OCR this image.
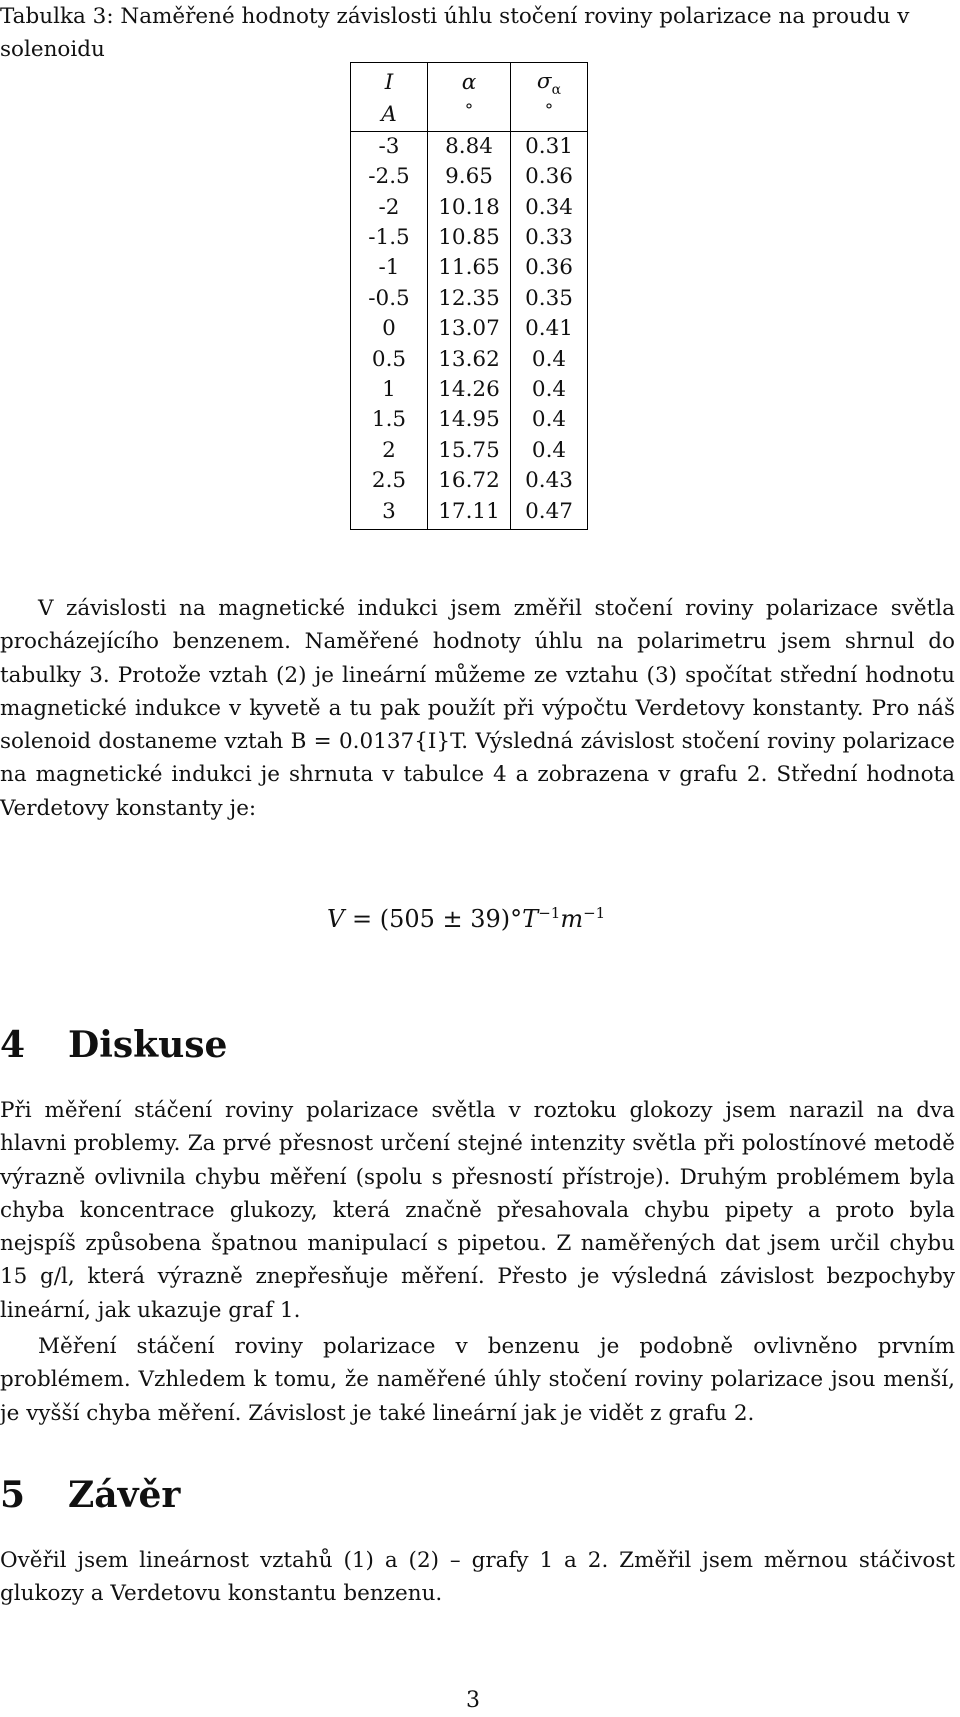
Tabulka 3: Naměřené hodnoty závislosti úhlu stočení roviny polarizace na proudu v solenoidu

I	α	$\sigma_\alpha$
A	°	°
-3	8.84	0.31
-2.5	9.65	0.36
-2	10.18	0.34
-1.5	10.85	0.33
-1	11.65	0.36
-0.5	12.35	0.35
0	13.07	0.41
0.5	13.62	0.4
1	14.26	0.4
1.5	14.95	0.4
2	15.75	0.4
2.5	16.72	0.43
3	17.11	0.47

V závislosti na magnetické indukci jsem změřil stočení roviny polarizace světla procházejícího benzenem. Naměřené hodnoty úhlu na polarimetru jsem shrnul do tabulky 3. Protože vztah (2) je lineární můžeme ze vztahu (3) spočítat střední hodnotu magnetické indukce v kyvetě a tu pak použít při výpočtu Verdetovy konstanty. Pro náš solenoid dostaneme vztah B = 0.0137{I}T. Výsledná závislost stočení roviny polarizace na magnetické indukci je shrnuta v tabulce 4 a zobrazena v grafu 2. Střední hodnota Verdetovy konstanty je:

$V = (505 \pm 39)^\circ T^{-1}m^{-1}$
4 Diskuse

Při měření stáčení roviny polarizace světla v roztoku glokozy jsem narazil na dva hlavni problemy. Za prvé přesnost určení stejné intenzity světla při polostínové metodě výrazně ovlivnila chybu měření (spolu s přesností přístroje). Druhým problémem byla chyba koncentrace glukozy, která značně přesahovala chybu pipety a proto byla nejspíš způsobena špatnou manipulací s pipetou. Z naměřených dat jsem určil chybu 15 g/l, která výrazně znepřesňuje měření. Přesto je výsledná závislost bezpochyby lineární, jak ukazuje graf 1.

Měření stáčení roviny polarizace v benzenu je podobně ovlivněno prvním problémem. Vzhledem k tomu, že naměřené úhly stočení roviny polarizace jsou menší, je vyšší chyba měření. Závislost je také lineární jak je vidět z grafu 2.

5 Závěr

Ověřil jsem lineárnost vztahů (1) a (2) – grafy 1 a 2. Změřil jsem měrnou stáčivost glukozy a Verdetovu konstantu benzenu.

3
